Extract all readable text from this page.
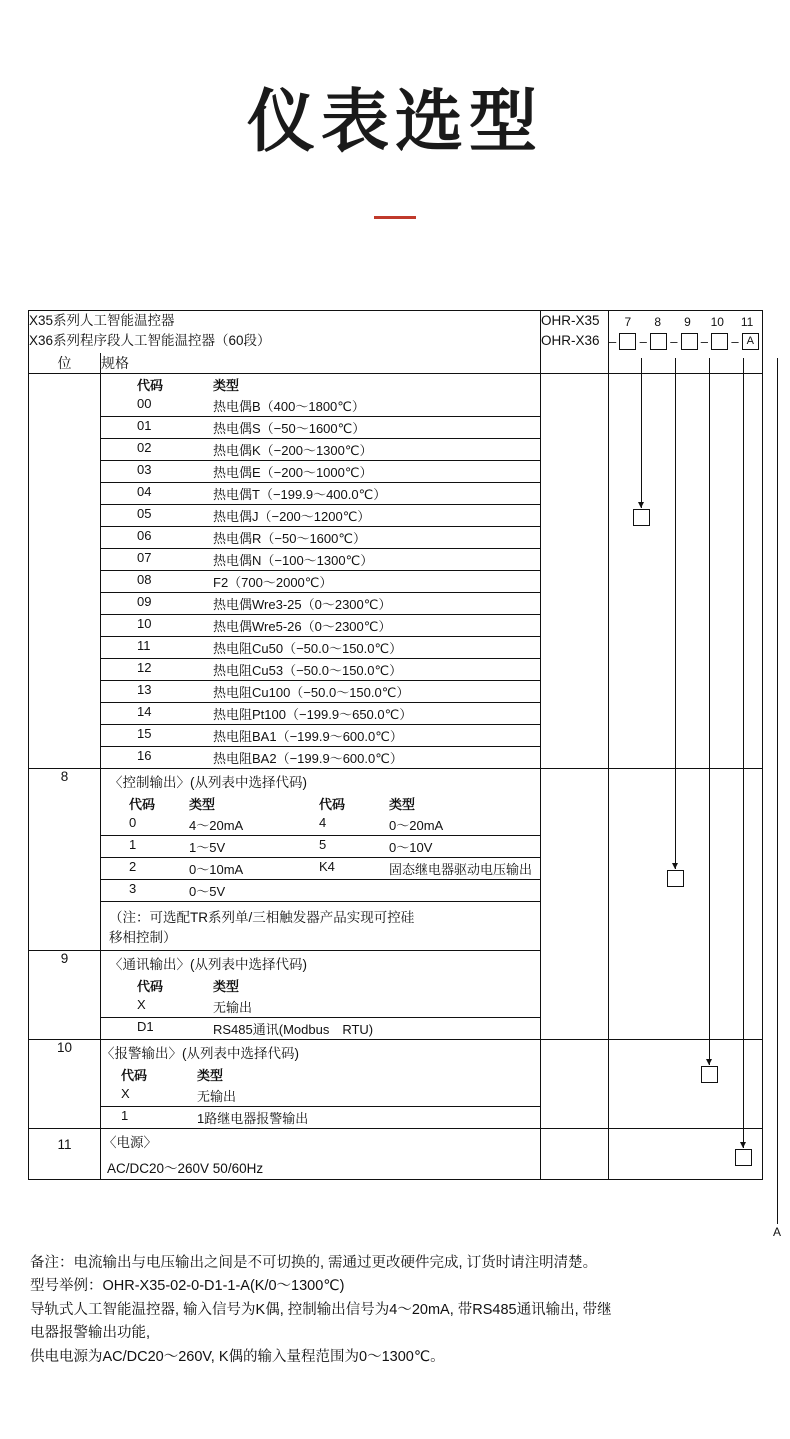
仪表选型
X35系列人工智能温控器	OHR-X35	7	8	9	10	11

X36系列程序段人工智能温控器（60段）	OHR-X36	– – – – – A

位	规格		

代码	类型
00	热电偶B（400～1800℃）
01	热电偶S（−50～1600℃）
02	热电偶K（−200～1300℃）
03	热电偶E（−200～1000℃）
04	热电偶T（−199.9～400.0℃）
05	热电偶J（−200～1200℃）
06	热电偶R（−50～1600℃）
07	热电偶N（−100～1300℃）
08	F2（700～2000℃）
09	热电偶Wre3-25（0～2300℃）
10	热电偶Wre5-26（0～2300℃）
11	热电阻Cu50（−50.0～150.0℃）
12	热电阻Cu53（−50.0～150.0℃）
13	热电阻Cu100（−50.0～150.0℃）
14	热电阻Pt100（−199.9～650.0℃）
15	热电阻BA1（−199.9～600.0℃）
16	热电阻BA2（−199.9～600.0℃）

8	〈控制输出〉(从列表中选择代码)
代码	类型	代码	类型
0	4～20mA	4	0～20mA
1	1～5V	5	0～10V
2	0～10mA	K4	固态继电器驱动电压输出
3	0～5V		
（注：可选配TR系列单/三相触发器产品实现可控硅
移相控制）

9	〈通讯输出〉(从列表中选择代码)
代码	类型
X	无输出
D1	RS485通讯(Modbus　RTU)

10	〈报警输出〉(从列表中选择代码)
代码	类型
X	无输出
1	1路继电器报警输出

11	〈电源〉
AC/DC20～260V 50/60Hz

A
备注：电流输出与电压输出之间是不可切换的, 需通过更改硬件完成, 订货时请注明清楚。
型号举例：OHR-X35-02-0-D1-1-A(K/0～1300℃)
导轨式人工智能温控器, 输入信号为K偶, 控制输出信号为4～20mA, 带RS485通讯输出, 带继
电器报警输出功能,
供电电源为AC/DC20～260V, K偶的输入量程范围为0～1300℃。
